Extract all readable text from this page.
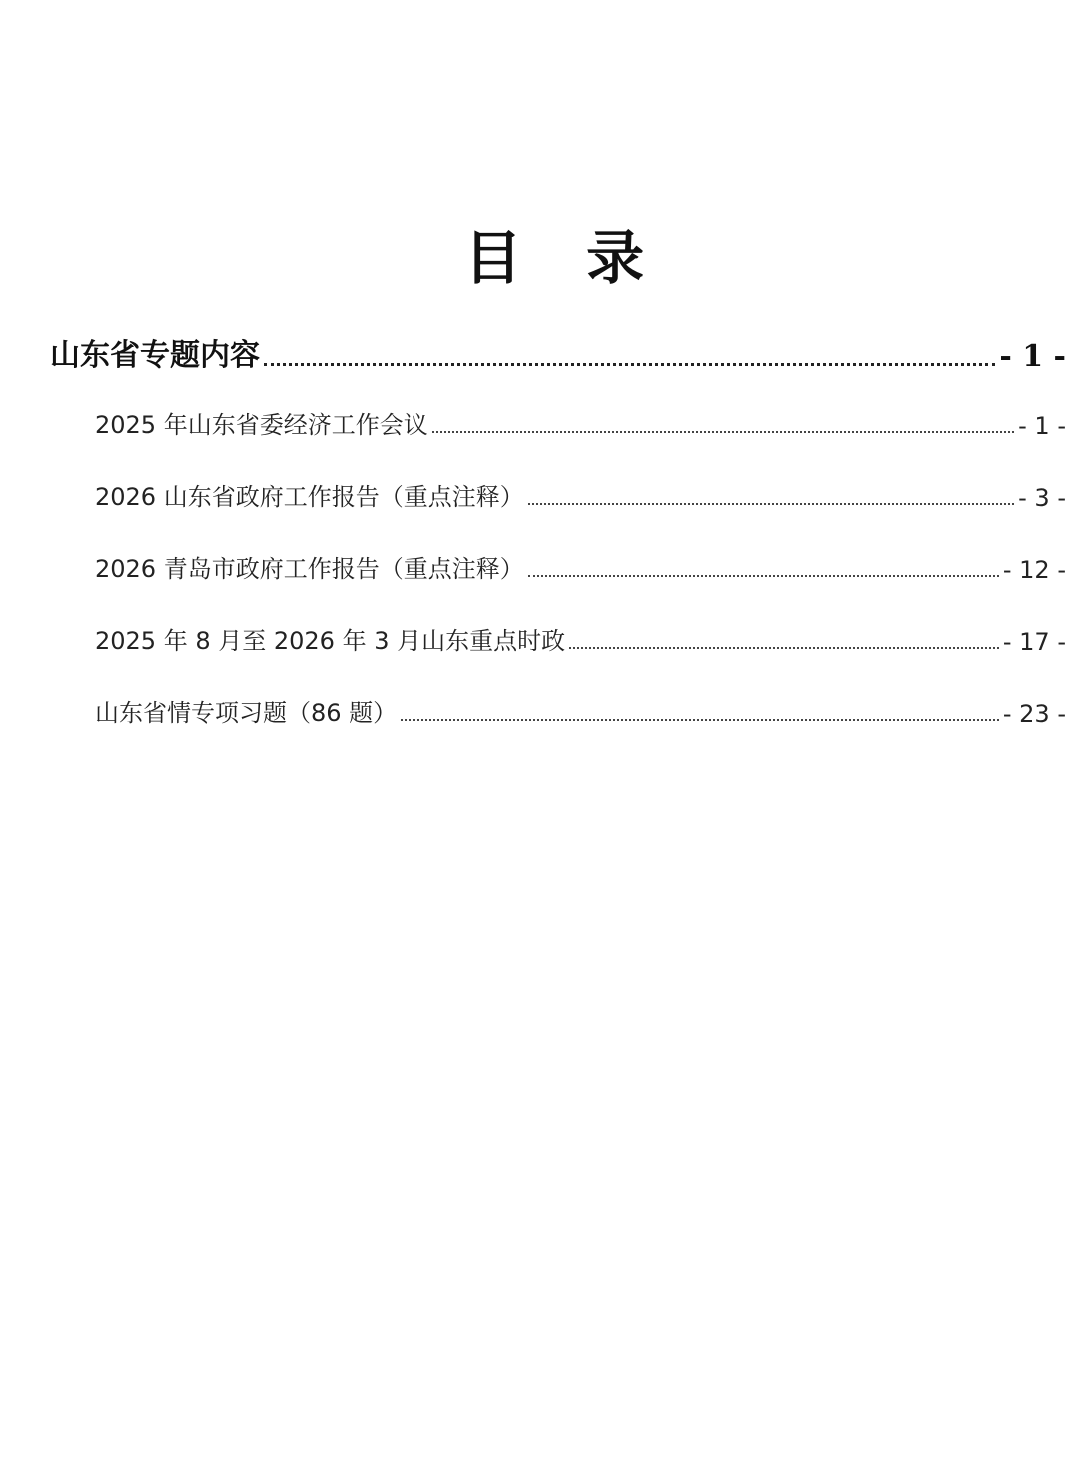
目 录
山东省专题内容	- 1 -
2025 年山东省委经济工作会议	- 1 -
2026 山东省政府工作报告（重点注释）	- 3 -
2026 青岛市政府工作报告（重点注释）	- 12 -
2025 年 8 月至 2026 年 3 月山东重点时政	- 17 -
山东省情专项习题（86 题）	- 23 -
